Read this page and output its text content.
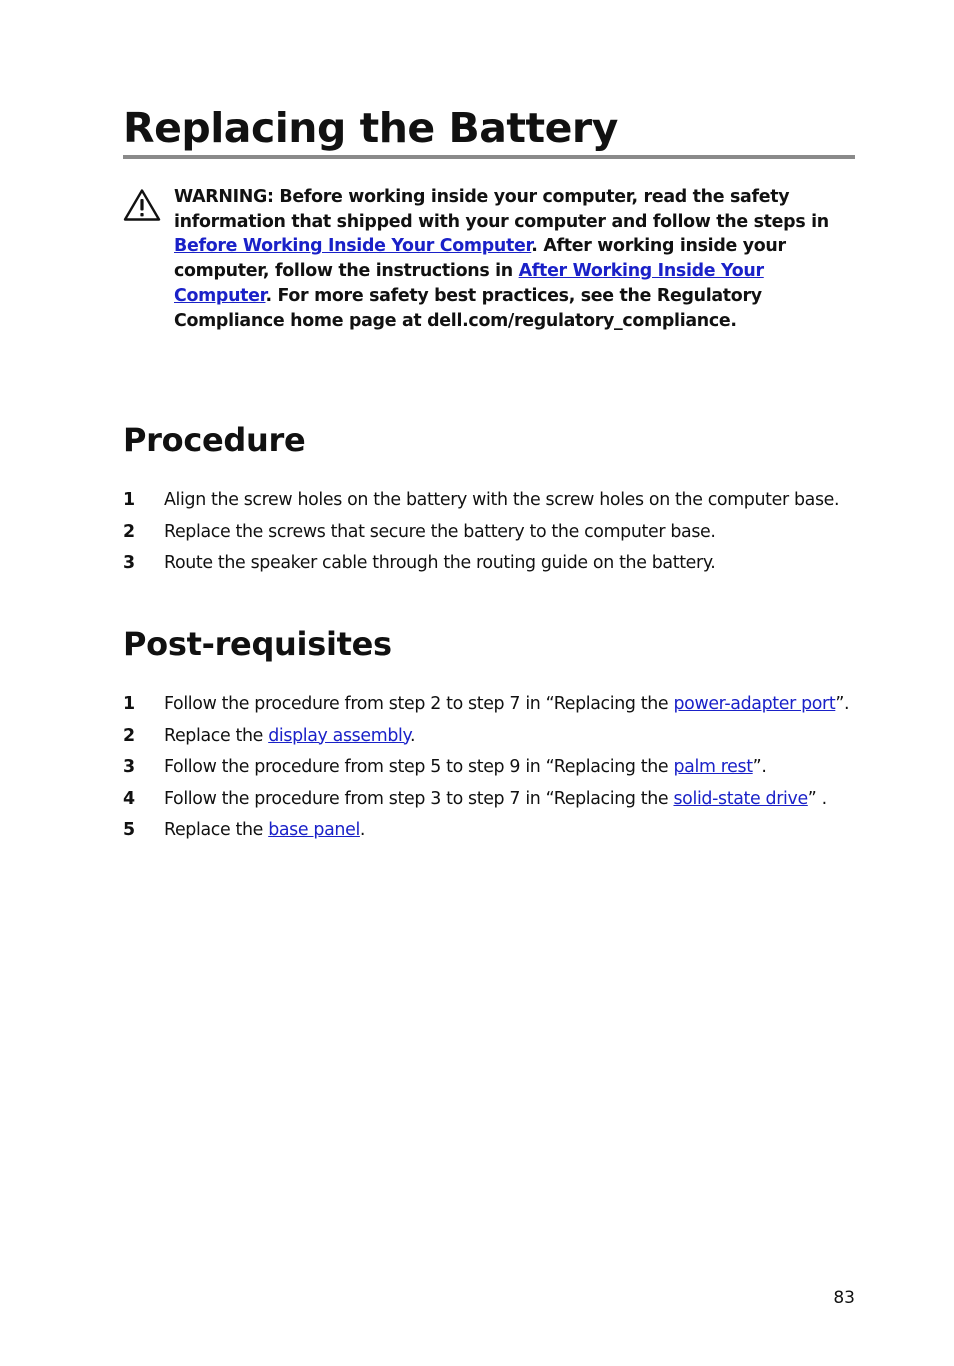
Replacing the Battery
WARNING: Before working inside your computer, read the safety information that shipped with your computer and follow the steps in Before Working Inside Your Computer. After working inside your computer, follow the instructions in After Working Inside Your Computer. For more safety best practices, see the Regulatory Compliance home page at dell.com/regulatory_compliance.
Procedure
1 Align the screw holes on the battery with the screw holes on the computer base.
2 Replace the screws that secure the battery to the computer base.
3 Route the speaker cable through the routing guide on the battery.
Post-requisites
1 Follow the procedure from step 2 to step 7 in “Replacing the power-adapter port”.
2 Replace the display assembly.
3 Follow the procedure from step 5 to step 9 in “Replacing the palm rest”.
4 Follow the procedure from step 3 to step 7 in “Replacing the solid-state drive” .
5 Replace the base panel.
83
